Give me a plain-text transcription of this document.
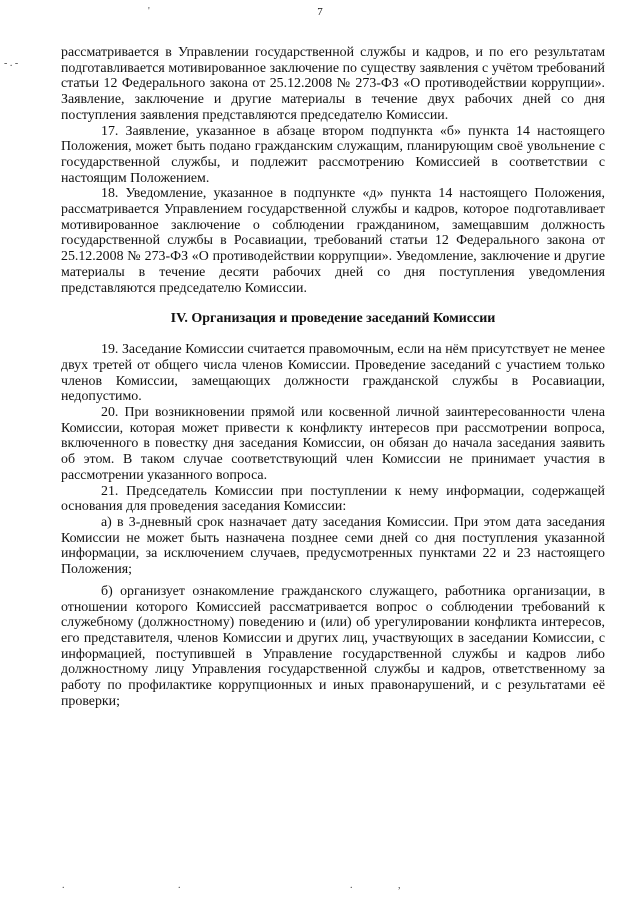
7
'
- . -
.	.	.	,

рассматривается в Управлении государственной службы и кадров, и по его результатам подготавливается мотивированное заключение по существу заявления с учётом требований статьи 12 Федерального закона от 25.12.2008 № 273-ФЗ «О противодействии коррупции». Заявление, заключение и другие материалы в течение двух рабочих дней со дня поступления заявления представляются председателю Комиссии.

17. Заявление, указанное в абзаце втором подпункта «б» пункта 14 настоящего Положения, может быть подано гражданским служащим, планирующим своё увольнение с государственной службы, и подлежит рассмотрению Комиссией в соответствии с настоящим Положением.

18. Уведомление, указанное в подпункте «д» пункта 14 настоящего Положения, рассматривается Управлением государственной службы и кадров, которое подготавливает мотивированное заключение о соблюдении гражданином, замещавшим должность государственной службы в Росавиации, требований статьи 12 Федерального закона от 25.12.2008 № 273-ФЗ «О противодействии коррупции». Уведомление, заключение и другие материалы в течение десяти рабочих дней со дня поступления уведомления представляются председателю Комиссии.

IV. Организация и проведение заседаний Комиссии

19. Заседание Комиссии считается правомочным, если на нём присутствует не менее двух третей от общего числа членов Комиссии. Проведение заседаний с участием только членов Комиссии, замещающих должности гражданской службы в Росавиации, недопустимо.

20. При возникновении прямой или косвенной личной заинтересованности члена Комиссии, которая может привести к конфликту интересов при рассмотрении вопроса, включенного в повестку дня заседания Комиссии, он обязан до начала заседания заявить об этом. В таком случае соответствующий член Комиссии не принимает участия в рассмотрении указанного вопроса.

21. Председатель Комиссии при поступлении к нему информации, содержащей основания для проведения заседания Комиссии:

а) в 3-дневный срок назначает дату заседания Комиссии. При этом дата заседания Комиссии не может быть назначена позднее семи дней со дня поступления указанной информации, за исключением случаев, предусмотренных пунктами 22 и 23 настоящего Положения;

б) организует ознакомление гражданского служащего, работника организации, в отношении которого Комиссией рассматривается вопрос о соблюдении требований к служебному (должностному) поведению и (или) об урегулировании конфликта интересов, его представителя, членов Комиссии и других лиц, участвующих в заседании Комиссии, с информацией, поступившей в Управление государственной службы и кадров либо должностному лицу Управления государственной службы и кадров, ответственному за работу по профилактике коррупционных и иных правонарушений, и с результатами её проверки;
